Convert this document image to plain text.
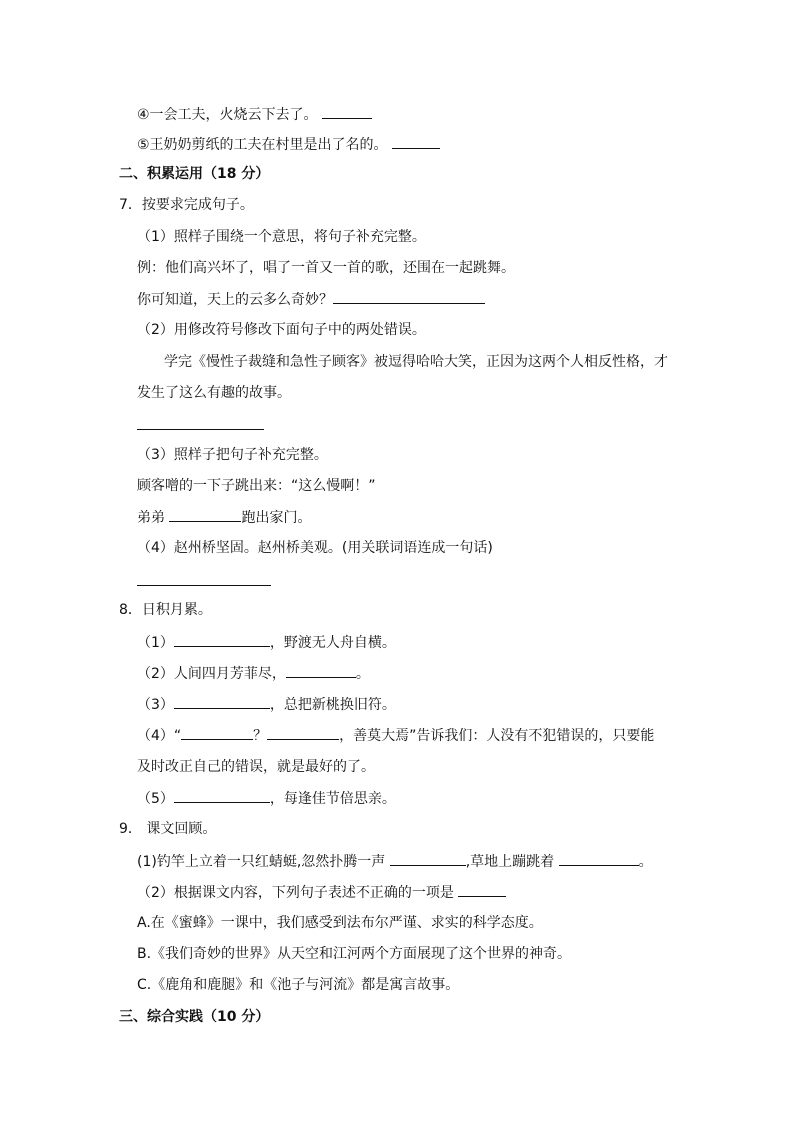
④一会工夫，火烧云下去了。
⑤王奶奶剪纸的工夫在村里是出了名的。
二、积累运用（18 分）
7．按要求完成句子。
（1）照样子围绕一个意思，将句子补充完整。
例：他们高兴坏了，唱了一首又一首的歌，还围在一起跳舞。
你可知道，天上的云多么奇妙？
（2）用修改符号修改下面句子中的两处错误。
学完《慢性子裁缝和急性子顾客》被逗得哈哈大笑，正因为这两个人相反性格，才
发生了这么有趣的故事。
（3）照样子把句子补充完整。
顾客噌的一下子跳出来：“这么慢啊！”
弟弟	跑出家门。
（4）赵州桥坚固。赵州桥美观。(用关联词语连成一句话)
8．日积月累。
（1）	，野渡无人舟自横。
（2）人间四月芳菲尽，	。
（3）	，总把新桃换旧符。
（4）“	？	，善莫大焉”告诉我们：人没有不犯错误的，只要能
及时改正自己的错误，就是最好的了。
（5）	，每逢佳节倍思亲。
9． 课文回顾。
(1)钓竿上立着一只红蜻蜓,忽然扑腾一声	,草地上蹦跳着	。
（2）根据课文内容，下列句子表述不正确的一项是
A.在《蜜蜂》一课中，我们感受到法布尔严谨、求实的科学态度。
B.《我们奇妙的世界》从天空和江河两个方面展现了这个世界的神奇。
C.《鹿角和鹿腿》和《池子与河流》都是寓言故事。
三、综合实践（10 分）
